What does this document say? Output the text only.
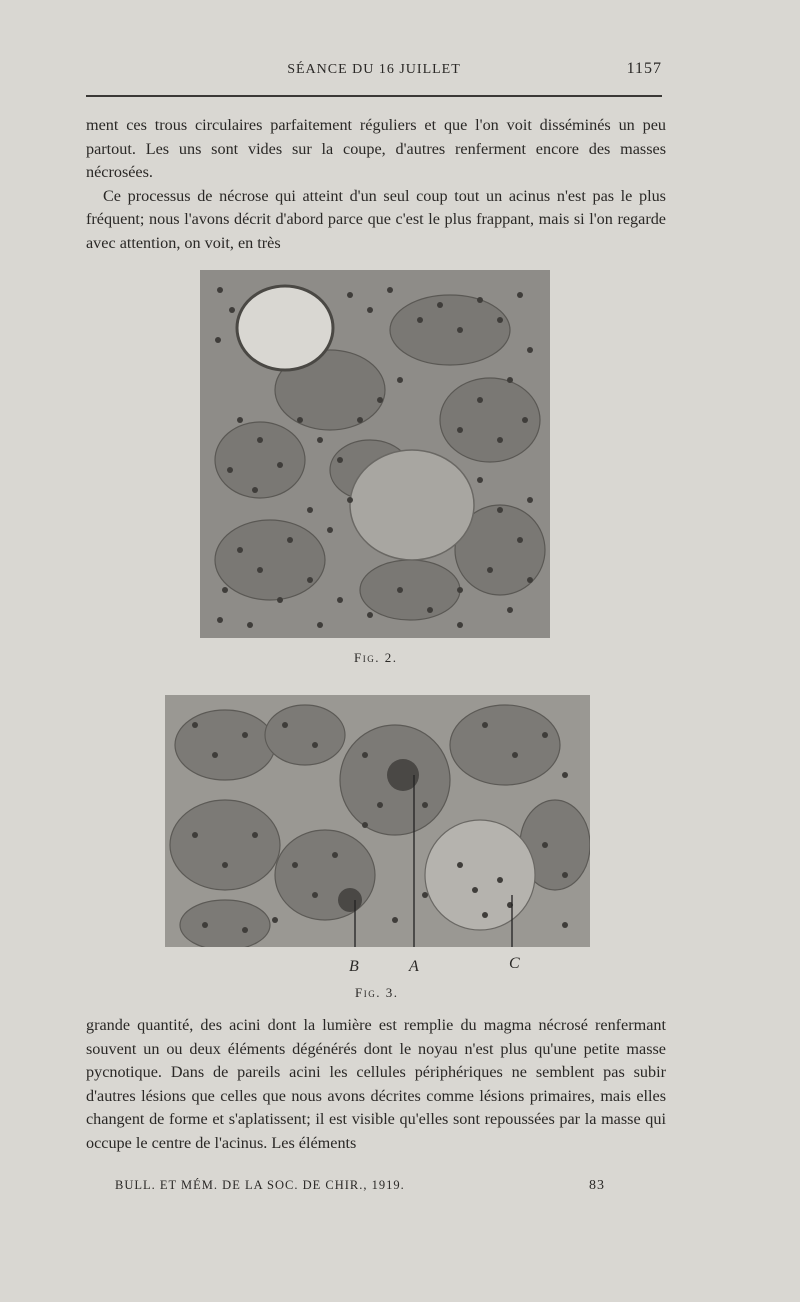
SÉANCE DU 16 JUILLET	1157

ment ces trous circulaires parfaitement réguliers et que l'on voit disséminés un peu partout. Les uns sont vides sur la coupe, d'autres renferment encore des masses nécrosées.

Ce processus de nécrose qui atteint d'un seul coup tout un acinus n'est pas le plus fréquent; nous l'avons décrit d'abord parce que c'est le plus frappant, mais si l'on regarde avec attention, on voit, en très

Fig. 2.
B	A	C
Fig. 3.

grande quantité, des acini dont la lumière est remplie du magma nécrosé renfermant souvent un ou deux éléments dégénérés dont le noyau n'est plus qu'une petite masse pycnotique. Dans de pareils acini les cellules périphériques ne semblent pas subir d'autres lésions que celles que nous avons décrites comme lésions primaires, mais elles changent de forme et s'aplatissent; il est visible qu'elles sont repoussées par la masse qui occupe le centre de l'acinus. Les éléments

BULL. ET MÉM. DE LA SOC. DE CHIR., 1919.	83
